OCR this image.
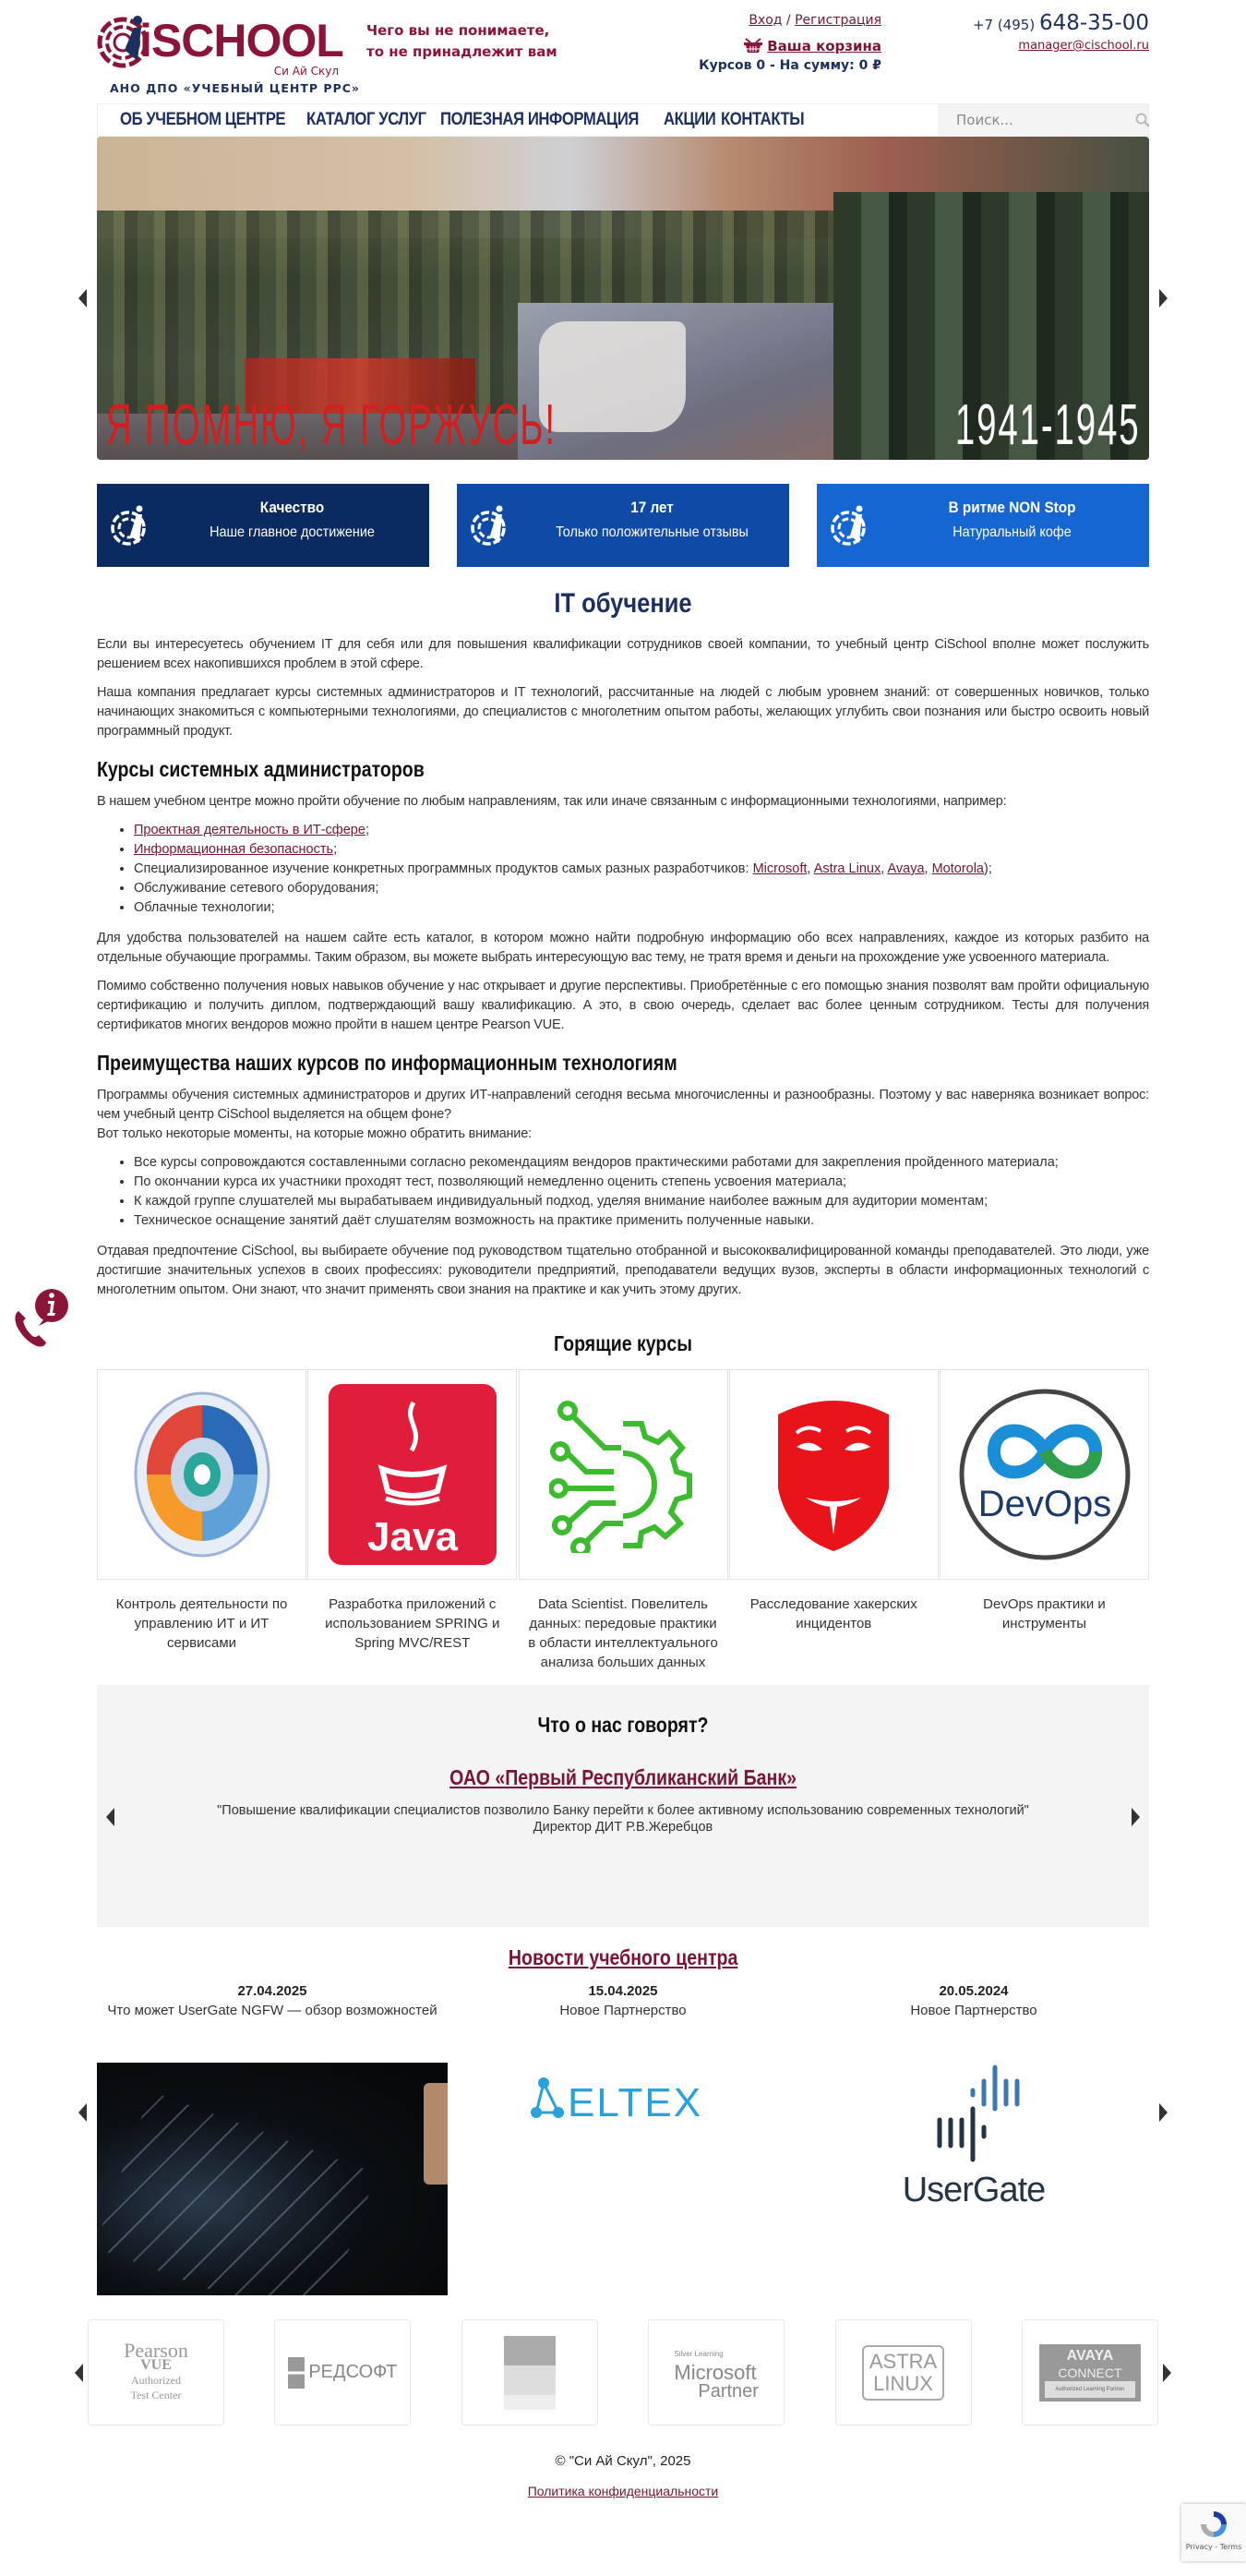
iSCHOOL
Си Ай Скул
АНО ДПО «УЧЕБНЫЙ ЦЕНТР РРС»
Чего вы не понимаете,
то не принадлежит вам
Вход / Регистрация
Ваша корзина
Курсов 0 - На сумму: 0 ₽
+7 (495) 648-35-00
manager@cischool.ru
ОБ УЧЕБНОМ ЦЕНТРЕ КАТАЛОГ УСЛУГ ПОЛЕЗНАЯ ИНФОРМАЦИЯ АКЦИИ КОНТАКТЫ
Поиск...
Я ПОМНЮ, Я ГОРЖУСЬ!	1941-1945
Качество
Наше главное достижение
17 лет
Только положительные отзывы
В ритме NON Stop
Натуральный кофе
IT обучение

Если вы интересуетесь обучением IT для себя или для повышения квалификации сотрудников своей компании, то учебный центр CiSchool вполне может послужить решением всех накопившихся проблем в этой сфере.

Наша компания предлагает курсы системных администраторов и IT технологий, рассчитанные на людей с любым уровнем знаний: от совершенных новичков, только начинающих знакомиться с компьютерными технологиями, до специалистов с многолетним опытом работы, желающих углубить свои познания или быстро освоить новый программный продукт.

Курсы системных администраторов

В нашем учебном центре можно пройти обучение по любым направлениям, так или иначе связанным с информационными технологиями, например:

• Проектная деятельность в ИТ-сфере;
• Информационная безопасность;
• Специализированное изучение конкретных программных продуктов самых разных разработчиков: Microsoft, Astra Linux, Avaya, Motorola);
• Обслуживание сетевого оборудования;
• Облачные технологии;

Для удобства пользователей на нашем сайте есть каталог, в котором можно найти подробную информацию обо всех направлениях, каждое из которых разбито на отдельные обучающие программы. Таким образом, вы можете выбрать интересующую вас тему, не тратя время и деньги на прохождение уже усвоенного материала.

Помимо собственно получения новых навыков обучение у нас открывает и другие перспективы. Приобретённые с его помощью знания позволят вам пройти официальную сертификацию и получить диплом, подтверждающий вашу квалификацию. А это, в свою очередь, сделает вас более ценным сотрудником. Тесты для получения сертификатов многих вендоров можно пройти в нашем центре Pearson VUE.

Преимущества наших курсов по информационным технологиям

Программы обучения системных администраторов и других ИТ-направлений сегодня весьма многочисленны и разнообразны. Поэтому у вас наверняка возникает вопрос: чем учебный центр CiSchool выделяется на общем фоне?

Вот только некоторые моменты, на которые можно обратить внимание:

• Все курсы сопровождаются составленными согласно рекомендациям вендоров практическими работами для закрепления пройденного материала;
• По окончании курса их участники проходят тест, позволяющий немедленно оценить степень усвоения материала;
• К каждой группе слушателей мы вырабатываем индивидуальный подход, уделяя внимание наиболее важным для аудитории моментам;
• Техническое оснащение занятий даёт слушателям возможность на практике применить полученные навыки.

Отдавая предпочтение CiSchool, вы выбираете обучение под руководством тщательно отобранной и высококвалифицированной команды преподавателей. Это люди, уже достигшие значительных успехов в своих профессиях: руководители предприятий, преподаватели ведущих вузов, эксперты в области информационных технологий с многолетним опытом. Они знают, что значит применять свои знания на практике и как учить этому других.

Горящие курсы
Контроль деятельности по управлению ИТ и ИТ сервисами
Java
Разработка приложений с использованием SPRING и Spring MVC/REST
Data Scientist. Повелитель данных: передовые практики в области интеллектуального анализа больших данных
Расследование хакерских инцидентов
DevOps
DevOps практики и инструменты
Что о нас говорят?
ОАО «Первый Республиканский Банк»
"Повышение квалификации специалистов позволило Банку перейти к более активному использованию современных технологий"
Директор ДИТ Р.В.Жеребцов
Новости учебного центра
27.04.2025
Что может UserGate NGFW — обзор возможностей
15.04.2025
Новое Партнерство
ELTEX
20.05.2024
Новое Партнерство
UserGate
Pearson
VUE
Authorized
Test Center
РЕДСОФТ
Silver Learning
Microsoft
Partner
ASTRA
LINUX
AVAYA
CONNECT
Authorized Learning Partner
© "Си Ай Скул", 2025
Политика конфиденциальности
Privacy - Terms
